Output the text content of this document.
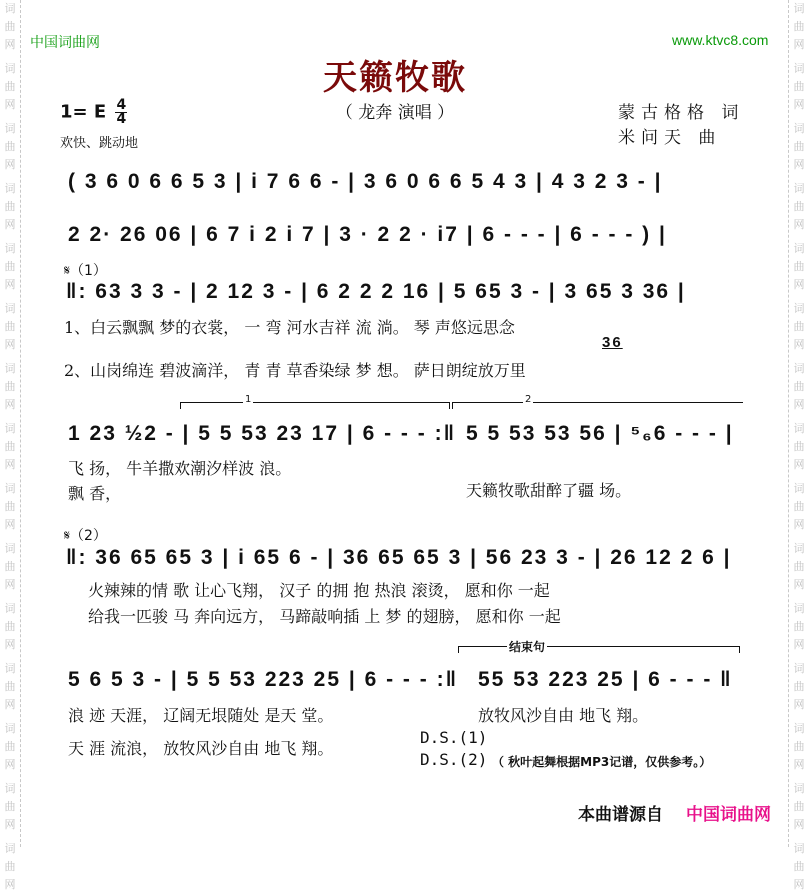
词
曲
网
词
曲
网
词
曲
网
词
曲
网
词
曲
网
词
曲
网
词
曲
网
词
曲
网
词
曲
网
词
曲
网
词
曲
网
词
曲
网
词
曲
网
词
曲
网
词
曲
网
词
曲
网
词
曲
网
词
曲
网
词
曲
网
词
曲
网
词
曲
网
词
曲
网
词
曲
网
词
曲
网
词
曲
网
词
曲
网
词
曲
网
词
曲
网
词
曲
网
词
曲
网
中国词曲网	www.ktvc8.com
天籁牧歌
（ 龙奔 演唱 ）
1= E $\frac{4}{4}$
欢快、跳动地
蒙古格格 词
米问天 曲
( 3 6 0 6 6 5 3 | i 7 6 6 - | 3 6 0 6 6 5 4 3 | 4 3 2 3 - |
2 2· 26 06 | 6 7 i 2 i 7 | 3 · 2 2 · i7 | 6 - - - | 6 - - - ) |
𝄋（1）
‖: 63 3 3 - | 2 12 3 - | 6 2 2 2 16 | 5 65 3 - | 3 65 3 36 |
1、白云飘飘 梦的衣裳， 一 弯 河水吉祥 流 淌。 琴 声悠远思念
36
2、山岗绵连 碧波滴洋， 青 青 草香染绿 梦 想。 萨日朗绽放万里
1	2
1 23 ½2 - | 5 5 53 23 17 | 6 - - - :‖ 5 5 53 53 56 | ⁵₆6 - - - |
飞 扬， 牛羊撒欢潮汐样波 浪。
飘 香，	天籁牧歌甜醉了疆 场。
𝄋（2）
‖: 36 65 65 3 | i 65 6 - | 36 65 65 3 | 56 23 3 - | 26 12 2 6 |
火辣辣的情 歌 让心飞翔， 汉子 的拥 抱 热浪 滚烫， 愿和你 一起
给我一匹骏 马 奔向远方， 马蹄敲响插 上 梦 的翅膀， 愿和你 一起
结束句
5 6 5 3 - | 5 5 53 223 25 | 6 - - - :‖ 55 53 223 25 | 6 - - - ‖
浪 迹 天涯， 辽阔无垠随处 是天 堂。	放牧风沙自由 地飞 翔。
天 涯 流浪， 放牧风沙自由 地飞 翔。
D.S.(1)
D.S.(2) （ 秋叶起舞根据MP3记谱，仅供参考。）
本曲谱源自 中国词曲网
